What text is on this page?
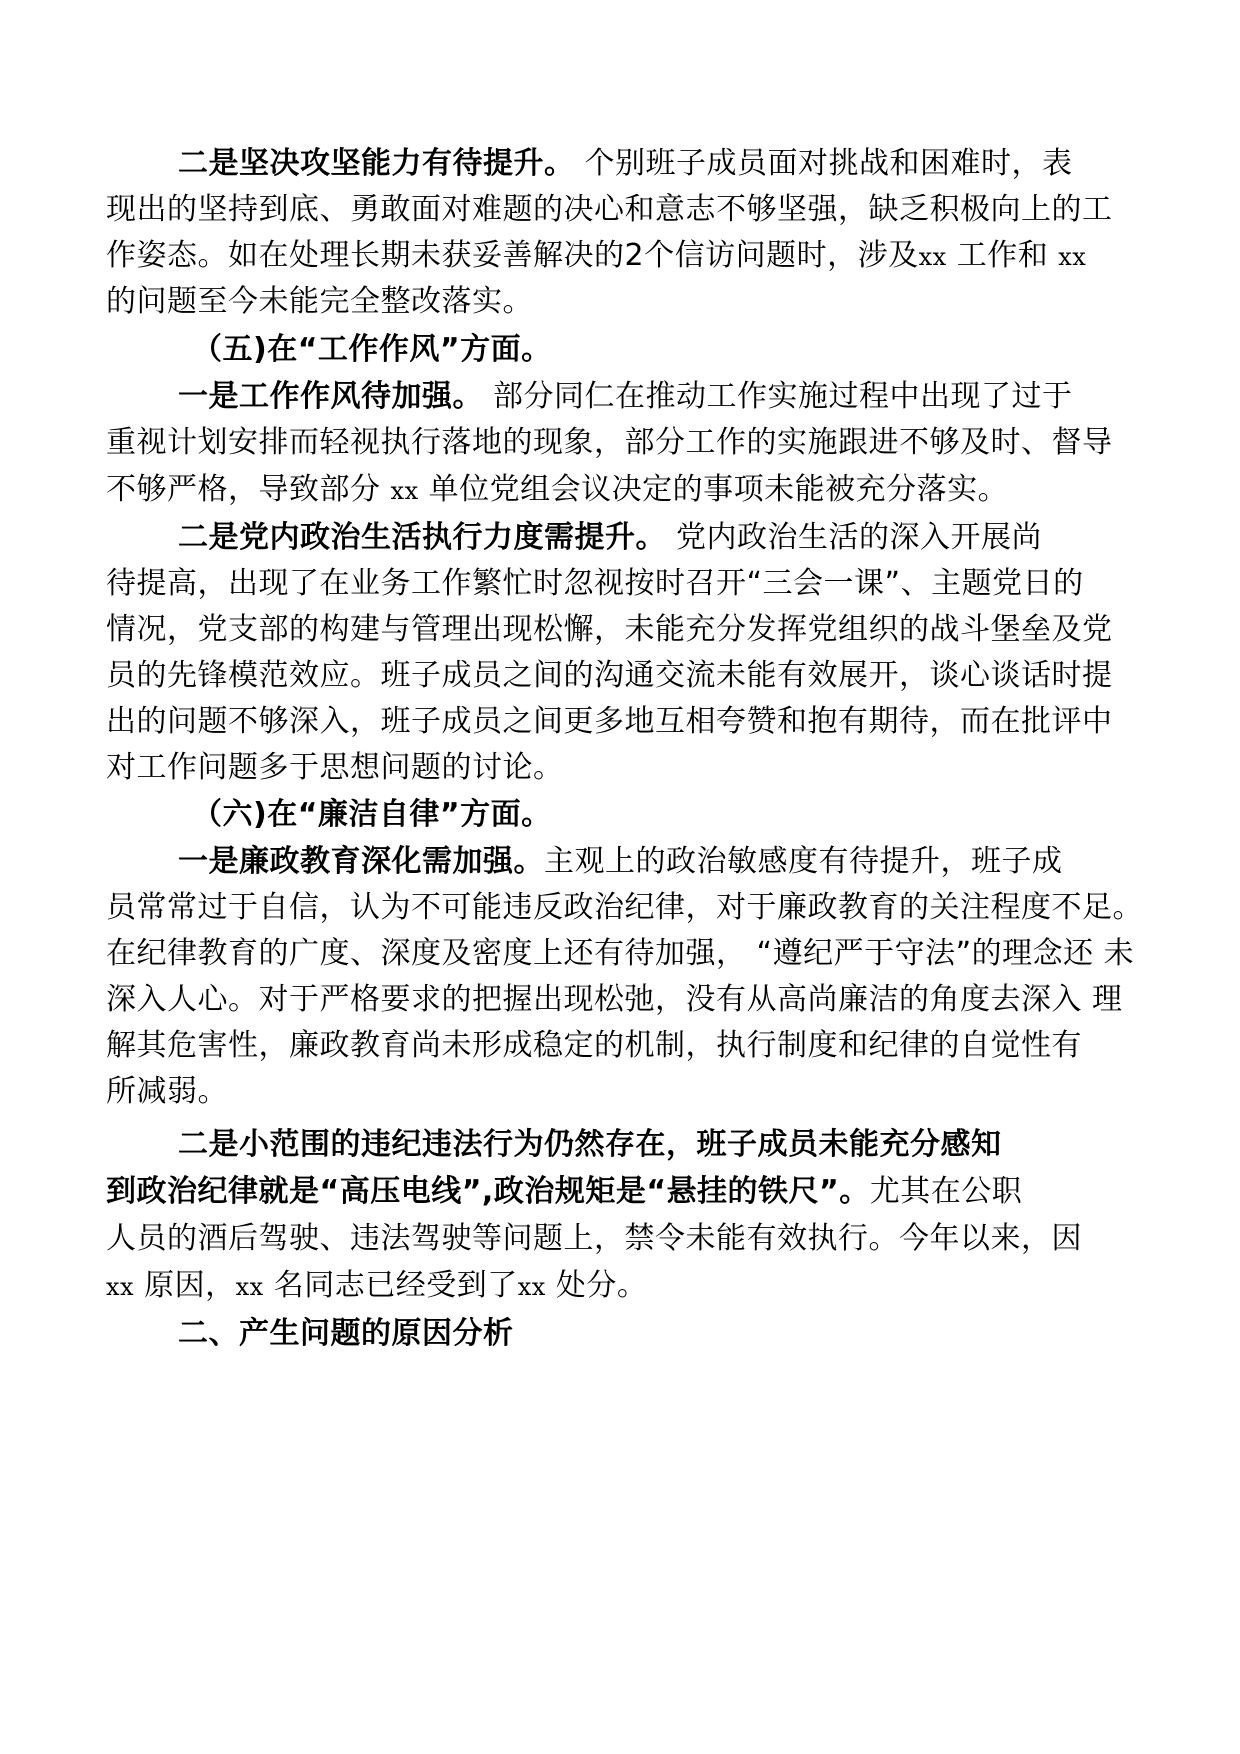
二是坚决攻坚能力有待提升。 个别班子成员面对挑战和困难时，表
现出的坚持到底、勇敢面对难题的决心和意志不够坚强，缺乏积极向上的工
作姿态。如在处理长期未获妥善解决的2个信访问题时，涉及xx 工作和 xx
的问题至今未能完全整改落实。
（五)在“工作作风”方面。
一是工作作风待加强。 部分同仁在推动工作实施过程中出现了过于
重视计划安排而轻视执行落地的现象，部分工作的实施跟进不够及时、督导
不够严格，导致部分 xx 单位党组会议决定的事项未能被充分落实。
二是党内政治生活执行力度需提升。 党内政治生活的深入开展尚
待提高，出现了在业务工作繁忙时忽视按时召开“三会一课”、主题党日的
情况，党支部的构建与管理出现松懈，未能充分发挥党组织的战斗堡垒及党
员的先锋模范效应。班子成员之间的沟通交流未能有效展开，谈心谈话时提
出的问题不够深入，班子成员之间更多地互相夸赞和抱有期待，而在批评中
对工作问题多于思想问题的讨论。
（六)在“廉洁自律”方面。
一是廉政教育深化需加强。主观上的政治敏感度有待提升，班子成
员常常过于自信，认为不可能违反政治纪律，对于廉政教育的关注程度不足。
在纪律教育的广度、深度及密度上还有待加强， “遵纪严于守法”的理念还 未
深入人心。对于严格要求的把握出现松弛，没有从高尚廉洁的角度去深入 理
解其危害性，廉政教育尚未形成稳定的机制，执行制度和纪律的自觉性有
所减弱。
二是小范围的违纪违法行为仍然存在，班子成员未能充分感知
到政治纪律就是“高压电线”,政治规矩是“悬挂的铁尺”。尤其在公职
人员的酒后驾驶、违法驾驶等问题上，禁令未能有效执行。今年以来，因
xx 原因，xx 名同志已经受到了xx 处分。
二、产生问题的原因分析
